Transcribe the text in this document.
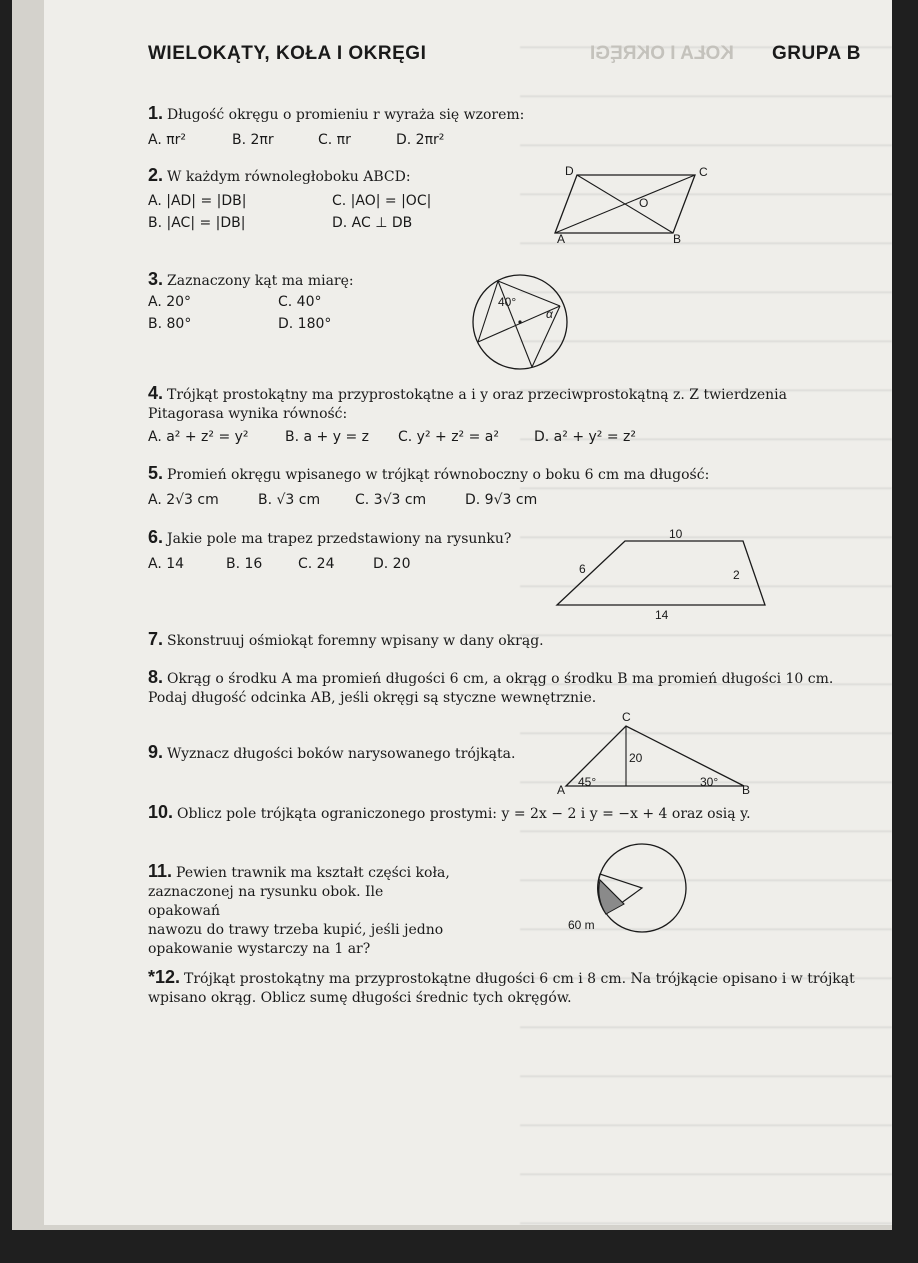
WIELOKĄTY, KOŁA I OKRĘGI	KOŁA I OKRĘGI	GRUPA B
1. Długość okręgu o promieniu r wyraża się wzorem:
A. πr²	B. 2πr	C. πr	D. 2πr²
2. W każdym równoległoboku ABCD:
A. |AD| = |DB|	C. |AO| = |OC|
B. |AC| = |DB|	D. AC ⊥ DB
D	C
O
A	B
3. Zaznaczony kąt ma miarę:
A. 20°	C. 40°
B. 80°	D. 180°
40°
α
4. Trójkąt prostokątny ma przyprostokątne a i y oraz przeciwprostokątną z. Z twierdzenia Pitagorasa wynika równość:
A. a² + z² = y²	B. a + y = z C. y² + z² = a²	D. a² + y² = z²
5. Promień okręgu wpisanego w trójkąt równoboczny o boku 6 cm ma długość:
A. 2√3 cm	B. √3 cm C. 3√3 cm	D. 9√3 cm
6. Jakie pole ma trapez przedstawiony na rysunku?
A. 14	B. 16	C. 24	D. 20
10
6	2
14
7. Skonstruuj ośmiokąt foremny wpisany w dany okrąg.
8. Okrąg o środku A ma promień długości 6 cm, a okrąg o środku B ma promień długości 10 cm. Podaj długość odcinka AB, jeśli okręgi są styczne wewnętrznie.
9. Wyznacz długości boków narysowanego trójkąta.
C
20
A
45°	30°
B
10. Oblicz pole trójkąta ograniczonego prostymi: y = 2x − 2 i y = −x + 4 oraz osią y.
11. Pewien trawnik ma kształt części koła,
zaznaczonej na rysunku obok. Ile opakowań
nawozu do trawy trzeba kupić, jeśli jedno
opakowanie wystarczy na 1 ar?
60 m
*12. Trójkąt prostokątny ma przyprostokątne długości 6 cm i 8 cm. Na trójkącie opisano i w trójkąt wpisano okrąg. Oblicz sumę długości średnic tych okręgów.
